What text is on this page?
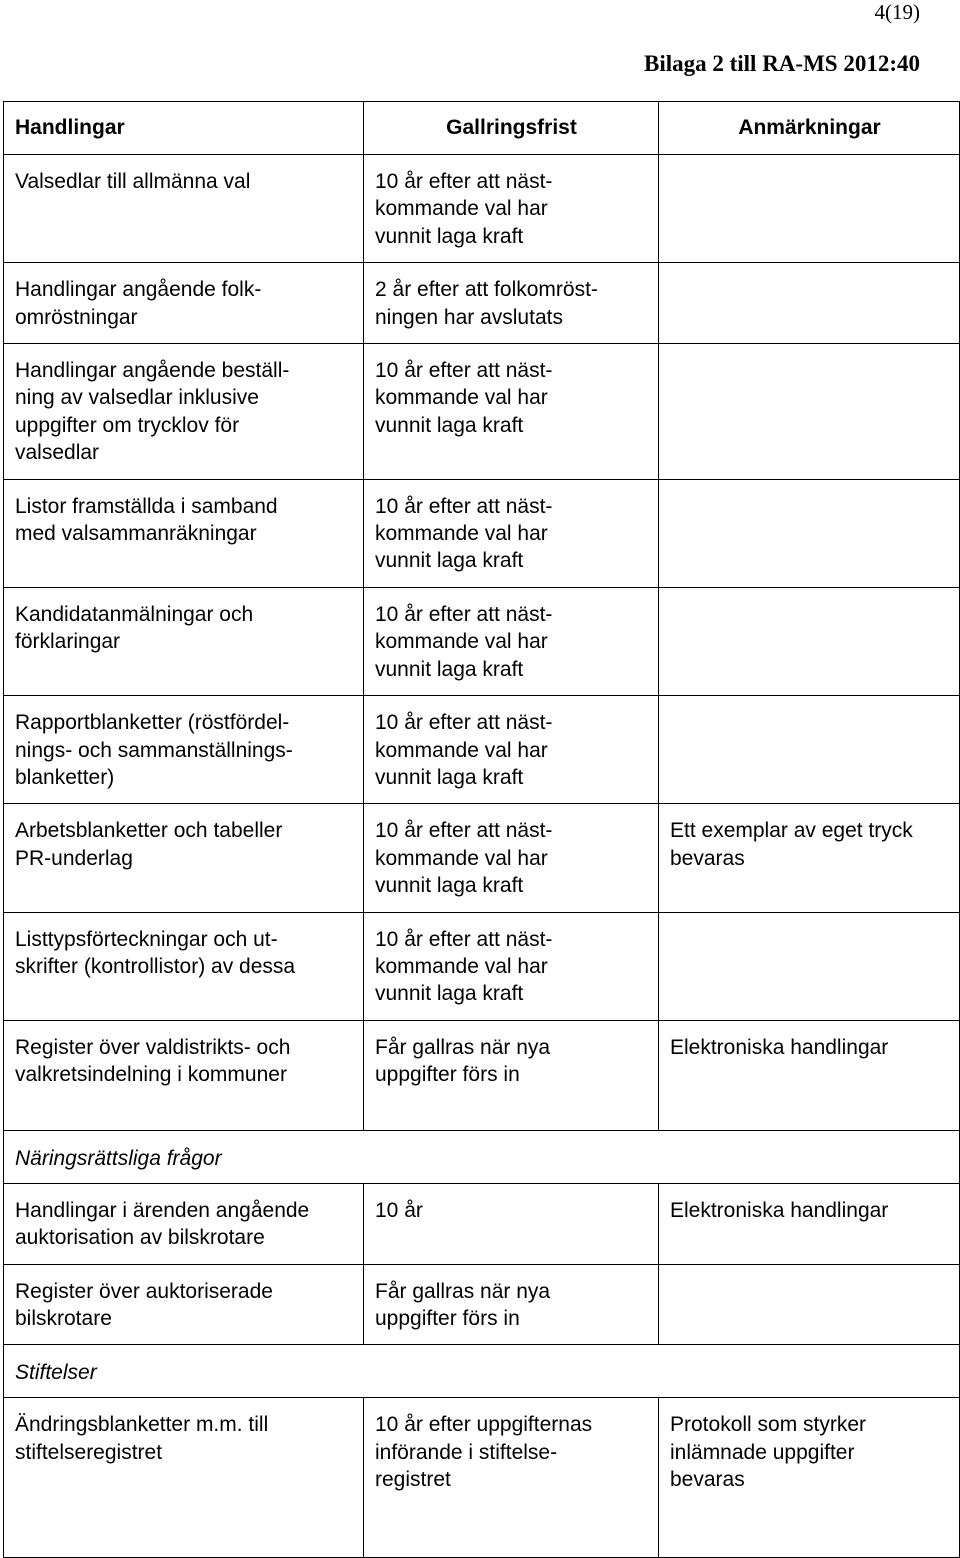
4(19)
Bilaga 2 till RA-MS 2012:40
Handlingar	Gallringsfrist	Anmärkningar

Valsedlar till allmänna val	10 år efter att näst-
kommande val har
vunnit laga kraft	

Handlingar angående folk-
omröstningar	2 år efter att folkomröst-
ningen har avslutats	

Handlingar angående beställ-
ning av valsedlar inklusive
uppgifter om trycklov för
valsedlar	10 år efter att näst-
kommande val har
vunnit laga kraft	

Listor framställda i samband
med valsammanräkningar	10 år efter att näst-
kommande val har
vunnit laga kraft	

Kandidatanmälningar och
förklaringar	10 år efter att näst-
kommande val har
vunnit laga kraft	

Rapportblanketter (röstfördel-
nings- och sammanställnings-
blanketter)	10 år efter att näst-
kommande val har
vunnit laga kraft	

Arbetsblanketter och tabeller
PR-underlag	10 år efter att näst-
kommande val har
vunnit laga kraft	Ett exemplar av eget tryck
bevaras

Listtypsförteckningar och ut-
skrifter (kontrollistor) av dessa	10 år efter att näst-
kommande val har
vunnit laga kraft	

Register över valdistrikts- och
valkretsindelning i kommuner	Får gallras när nya
uppgifter förs in	Elektroniska handlingar

Näringsrättsliga frågor		

Handlingar i ärenden angående
auktorisation av bilskrotare	10 år	Elektroniska handlingar

Register över auktoriserade
bilskrotare	Får gallras när nya
uppgifter förs in	

Stiftelser		

Ändringsblanketter m.m. till
stiftelseregistret	10 år efter uppgifternas
införande i stiftelse-
registret	Protokoll som styrker
inlämnade uppgifter
bevaras
